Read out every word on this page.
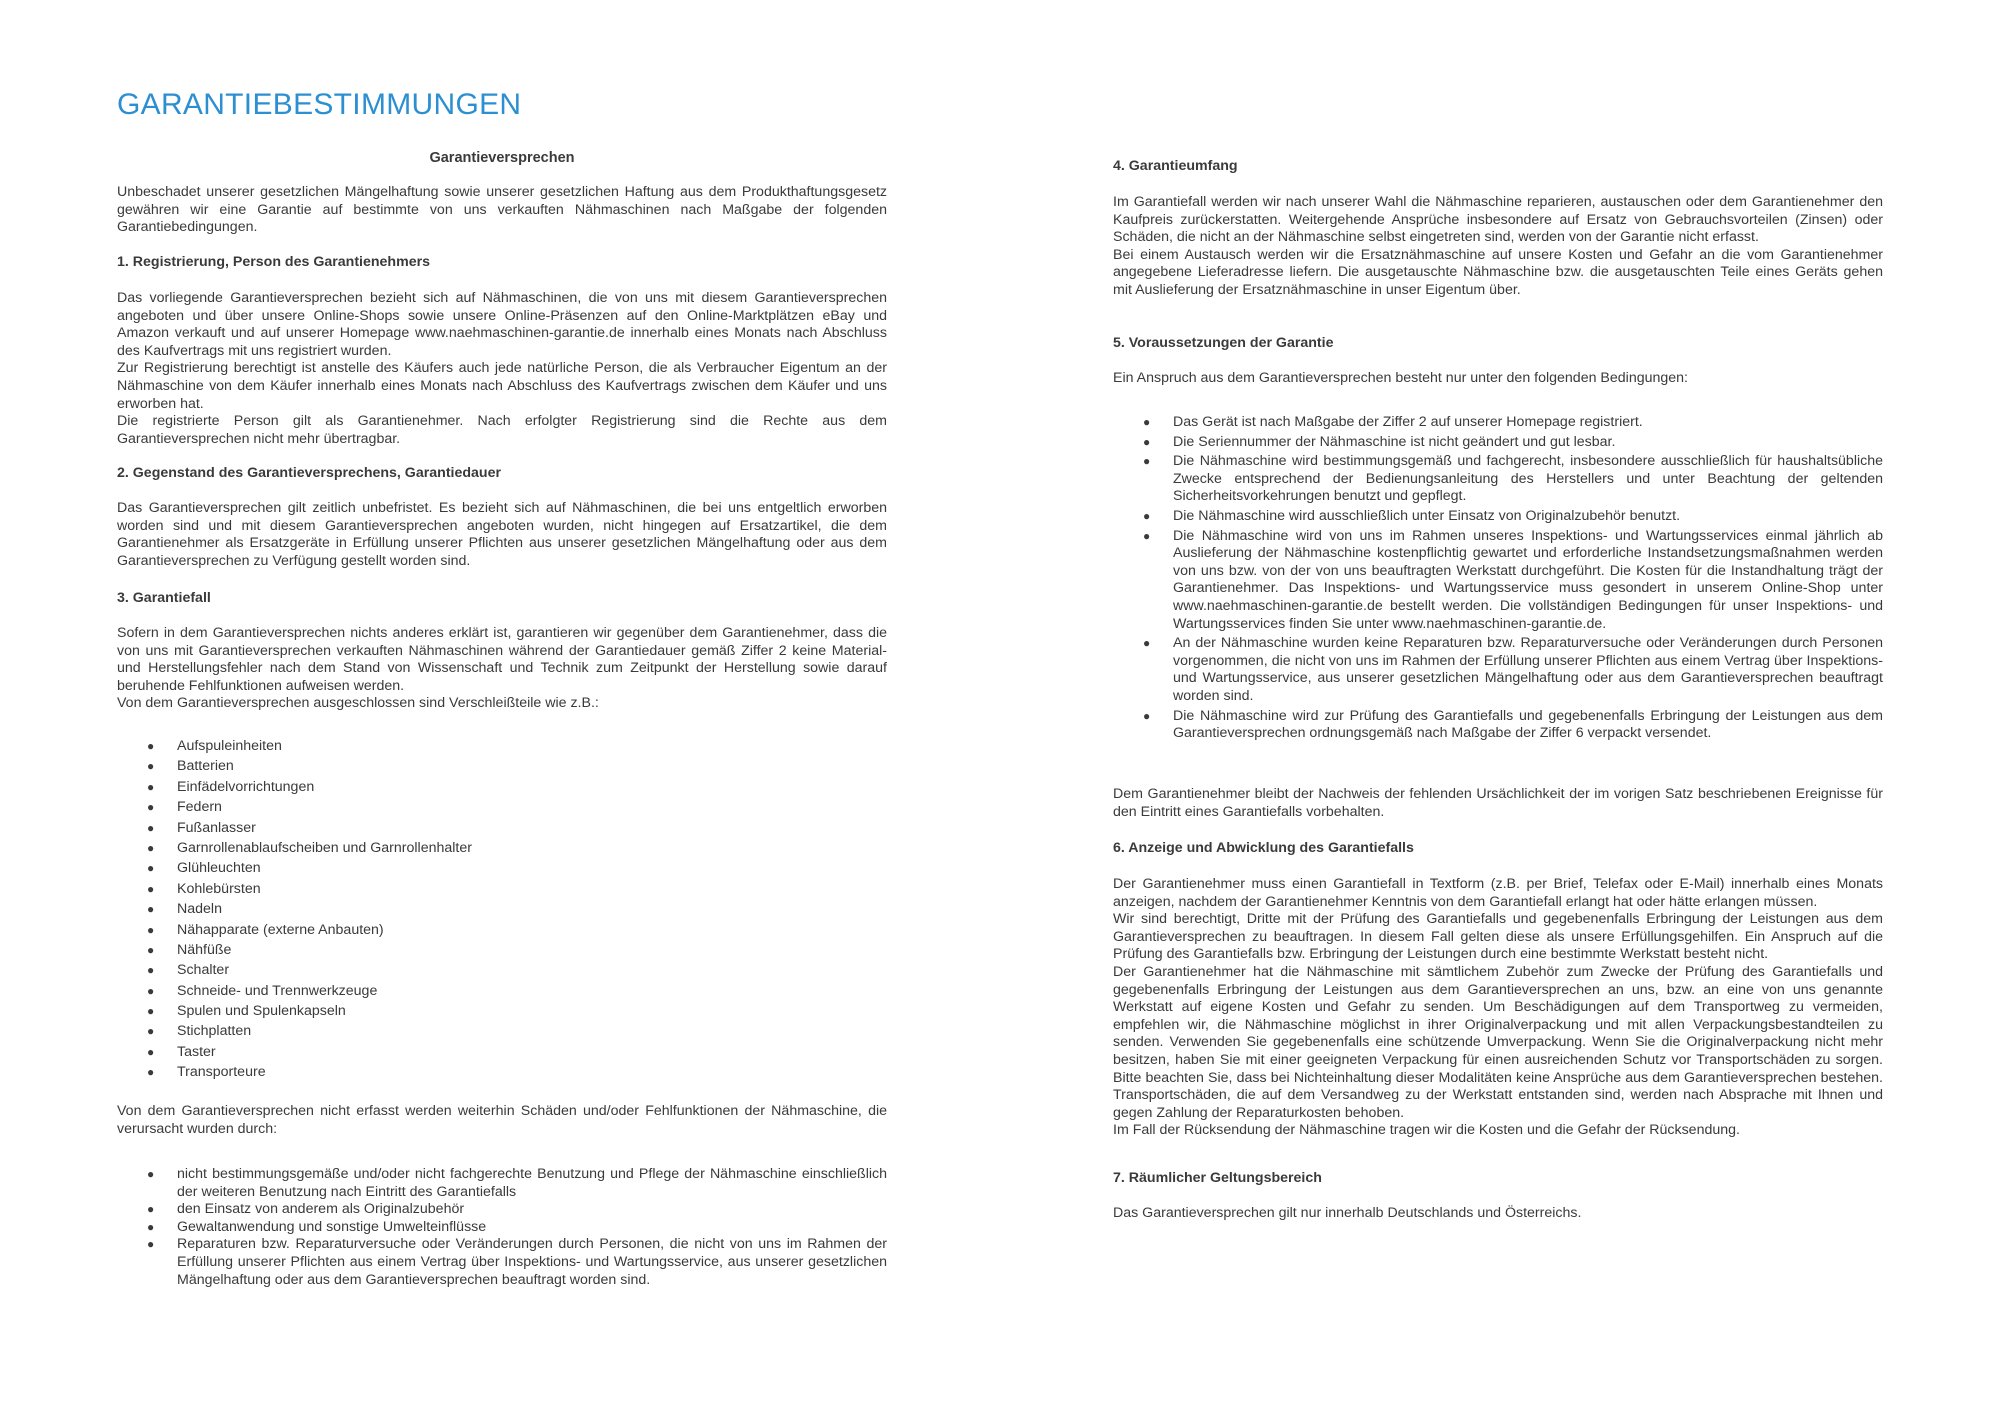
GARANTIEBESTIMMUNGEN

Garantieversprechen

Unbeschadet unserer gesetzlichen Mängelhaftung sowie unserer gesetzlichen Haftung aus dem Produkthaftungsgesetz gewähren wir eine Garantie auf bestimmte von uns verkauften Nähmaschinen nach Maßgabe der folgenden Garantiebedingungen.

1. Registrierung, Person des Garantienehmers

Das vorliegende Garantieversprechen bezieht sich auf Nähmaschinen, die von uns mit diesem Garantieversprechen angeboten und über unsere Online-Shops sowie unsere Online-Präsenzen auf den Online-Marktplätzen eBay und Amazon verkauft und auf unserer Homepage www.naehmaschinen-garantie.de innerhalb eines Monats nach Abschluss des Kaufvertrags mit uns registriert wurden.

Zur Registrierung berechtigt ist anstelle des Käufers auch jede natürliche Person, die als Verbraucher Eigentum an der Nähmaschine von dem Käufer innerhalb eines Monats nach Abschluss des Kaufvertrags zwischen dem Käufer und uns erworben hat.

Die registrierte Person gilt als Garantienehmer. Nach erfolgter Registrierung sind die Rechte aus dem Garantieversprechen nicht mehr übertragbar.

2. Gegenstand des Garantieversprechens, Garantiedauer

Das Garantieversprechen gilt zeitlich unbefristet. Es bezieht sich auf Nähmaschinen, die bei uns entgeltlich erworben worden sind und mit diesem Garantieversprechen angeboten wurden, nicht hingegen auf Ersatzartikel, die dem Garantienehmer als Ersatzgeräte in Erfüllung unserer Pflichten aus unserer gesetzlichen Mängelhaftung oder aus dem Garantieversprechen zu Verfügung gestellt worden sind.

3. Garantiefall

Sofern in dem Garantieversprechen nichts anderes erklärt ist, garantieren wir gegenüber dem Garantienehmer, dass die von uns mit Garantieversprechen verkauften Nähmaschinen während der Garantiedauer gemäß Ziffer 2 keine Material- und Herstellungsfehler nach dem Stand von Wissenschaft und Technik zum Zeitpunkt der Herstellung sowie darauf beruhende Fehlfunktionen aufweisen werden.

Von dem Garantieversprechen ausgeschlossen sind Verschleißteile wie z.B.:

● Aufspuleinheiten
● Batterien
● Einfädelvorrichtungen
● Federn
● Fußanlasser
● Garnrollenablaufscheiben und Garnrollenhalter
● Glühleuchten
● Kohlebürsten
● Nadeln
● Nähapparate (externe Anbauten)
● Nähfüße
● Schalter
● Schneide- und Trennwerkzeuge
● Spulen und Spulenkapseln
● Stichplatten
● Taster
● Transporteure

Von dem Garantieversprechen nicht erfasst werden weiterhin Schäden und/oder Fehlfunktionen der Nähmaschine, die verursacht wurden durch:

● nicht bestimmungsgemäße und/oder nicht fachgerechte Benutzung und Pflege der Nähmaschine einschließlich der weiteren Benutzung nach Eintritt des Garantiefalls
● den Einsatz von anderem als Originalzubehör
● Gewaltanwendung und sonstige Umwelteinflüsse
● Reparaturen bzw. Reparaturversuche oder Veränderungen durch Personen, die nicht von uns im Rahmen der Erfüllung unserer Pflichten aus einem Vertrag über Inspektions- und Wartungsservice, aus unserer gesetzlichen Mängelhaftung oder aus dem Garantieversprechen beauftragt worden sind.

4. Garantieumfang

Im Garantiefall werden wir nach unserer Wahl die Nähmaschine reparieren, austauschen oder dem Garantienehmer den Kaufpreis zurückerstatten. Weitergehende Ansprüche insbesondere auf Ersatz von Gebrauchsvorteilen (Zinsen) oder Schäden, die nicht an der Nähmaschine selbst eingetreten sind, werden von der Garantie nicht erfasst.

Bei einem Austausch werden wir die Ersatznähmaschine auf unsere Kosten und Gefahr an die vom Garantienehmer angegebene Lieferadresse liefern. Die ausgetauschte Nähmaschine bzw. die ausgetauschten Teile eines Geräts gehen mit Auslieferung der Ersatznähmaschine in unser Eigentum über.

5. Voraussetzungen der Garantie

Ein Anspruch aus dem Garantieversprechen besteht nur unter den folgenden Bedingungen:

● Das Gerät ist nach Maßgabe der Ziffer 2 auf unserer Homepage registriert.
● Die Seriennummer der Nähmaschine ist nicht geändert und gut lesbar.
● Die Nähmaschine wird bestimmungsgemäß und fachgerecht, insbesondere ausschließlich für haushaltsübliche Zwecke entsprechend der Bedienungsanleitung des Herstellers und unter Beachtung der geltenden Sicherheitsvorkehrungen benutzt und gepflegt.
● Die Nähmaschine wird ausschließlich unter Einsatz von Originalzubehör benutzt.
● Die Nähmaschine wird von uns im Rahmen unseres Inspektions- und Wartungsservices einmal jährlich ab Auslieferung der Nähmaschine kostenpflichtig gewartet und erforderliche Instandsetzungsmaßnahmen werden von uns bzw. von der von uns beauftragten Werkstatt durchgeführt. Die Kosten für die Instandhaltung trägt der Garantienehmer. Das Inspektions- und Wartungsservice muss gesondert in unserem Online-Shop unter www.naehmaschinen-garantie.de bestellt werden. Die vollständigen Bedingungen für unser Inspektions- und Wartungsservices finden Sie unter www.naehmaschinen-garantie.de.
● An der Nähmaschine wurden keine Reparaturen bzw. Reparaturversuche oder Veränderungen durch Personen vorgenommen, die nicht von uns im Rahmen der Erfüllung unserer Pflichten aus einem Vertrag über Inspektions- und Wartungsservice, aus unserer gesetzlichen Mängelhaftung oder aus dem Garantieversprechen beauftragt worden sind.
● Die Nähmaschine wird zur Prüfung des Garantiefalls und gegebenenfalls Erbringung der Leistungen aus dem Garantieversprechen ordnungsgemäß nach Maßgabe der Ziffer 6 verpackt versendet.

Dem Garantienehmer bleibt der Nachweis der fehlenden Ursächlichkeit der im vorigen Satz beschriebenen Ereignisse für den Eintritt eines Garantiefalls vorbehalten.

6. Anzeige und Abwicklung des Garantiefalls

Der Garantienehmer muss einen Garantiefall in Textform (z.B. per Brief, Telefax oder E-Mail) innerhalb eines Monats anzeigen, nachdem der Garantienehmer Kenntnis von dem Garantiefall erlangt hat oder hätte erlangen müssen.

Wir sind berechtigt, Dritte mit der Prüfung des Garantiefalls und gegebenenfalls Erbringung der Leistungen aus dem Garantieversprechen zu beauftragen. In diesem Fall gelten diese als unsere Erfüllungsgehilfen. Ein Anspruch auf die Prüfung des Garantiefalls bzw. Erbringung der Leistungen durch eine bestimmte Werkstatt besteht nicht.

Der Garantienehmer hat die Nähmaschine mit sämtlichem Zubehör zum Zwecke der Prüfung des Garantiefalls und gegebenenfalls Erbringung der Leistungen aus dem Garantieversprechen an uns, bzw. an eine von uns genannte Werkstatt auf eigene Kosten und Gefahr zu senden. Um Beschädigungen auf dem Transportweg zu vermeiden, empfehlen wir, die Nähmaschine möglichst in ihrer Originalverpackung und mit allen Verpackungsbestandteilen zu senden. Verwenden Sie gegebenenfalls eine schützende Umverpackung. Wenn Sie die Originalverpackung nicht mehr besitzen, haben Sie mit einer geeigneten Verpackung für einen ausreichenden Schutz vor Transportschäden zu sorgen. Bitte beachten Sie, dass bei Nichteinhaltung dieser Modalitäten keine Ansprüche aus dem Garantieversprechen bestehen. Transportschäden, die auf dem Versandweg zu der Werkstatt entstanden sind, werden nach Absprache mit Ihnen und gegen Zahlung der Reparaturkosten behoben.

Im Fall der Rücksendung der Nähmaschine tragen wir die Kosten und die Gefahr der Rücksendung.

7. Räumlicher Geltungsbereich

Das Garantieversprechen gilt nur innerhalb Deutschlands und Österreichs.
